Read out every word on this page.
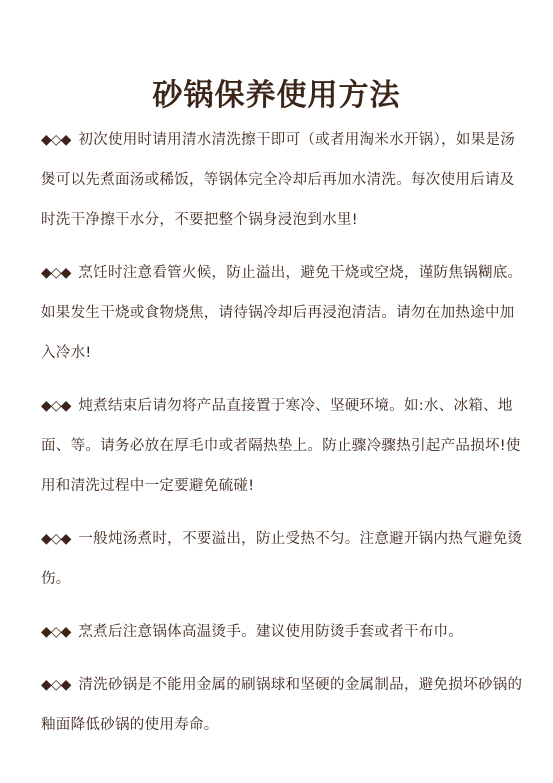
砂锅保养使用方法

◆◇◆ 初次使用时请用清水清洗擦干即可（或者用淘米水开锅），如果是汤煲可以先煮面汤或稀饭，等锅体完全冷却后再加水清洗。每次使用后请及时洗干净擦干水分，不要把整个锅身浸泡到水里!

◆◇◆ 烹饪时注意看管火候，防止溢出，避免干烧或空烧，谨防焦锅糊底。如果发生干烧或食物烧焦，请待锅冷却后再浸泡清洁。请勿在加热途中加入冷水!

◆◇◆ 炖煮结束后请勿将产品直接置于寒冷、坚硬环境。如:水、冰箱、地面、等。请务必放在厚毛巾或者隔热垫上。防止骤冷骤热引起产品损坏!使用和清洗过程中一定要避免硫碰!

◆◇◆ 一般炖汤煮时，不要溢出，防止受热不匀。注意避开锅内热气避免烫伤。

◆◇◆ 烹煮后注意锅体高温烫手。建议使用防烫手套或者干布巾。

◆◇◆ 清洗砂锅是不能用金属的刷锅球和坚硬的金属制品，避免损坏砂锅的釉面降低砂锅的使用寿命。
